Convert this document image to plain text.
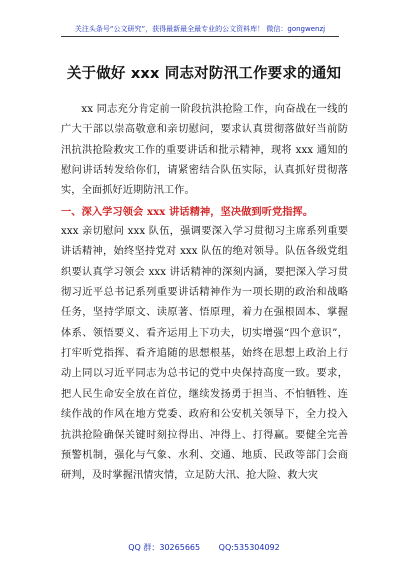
关注头条号“公文研究”，获得最新最全最专业的公文资料库！ 微信：gongwenzj
关于做好 xxx 同志对防汛工作要求的通知

xx 同志充分肯定前一阶段抗洪抢险工作，向奋战在一线的广大干部以崇高敬意和亲切慰问，要求认真贯彻落做好当前防汛抗洪抢险救灾工作的重要讲话和批示精神，现将 xxx 通知的慰问讲话转发给你们，请紧密结合队伍实际，认真抓好贯彻落实，全面抓好近期防汛工作。

一、深入学习领会 xxx 讲话精神，坚决做到听党指挥。

xxx 亲切慰问 xxx 队伍，强调要深入学习贯彻习主席系列重要讲话精神，始终坚持党对 xxx 队伍的绝对领导。队伍各级党组织要认真学习领会 xxx 讲话精神的深刻内涵，要把深入学习贯彻习近平总书记系列重要讲话精神作为一项长期的政治和战略任务，坚持学原文、读原著、悟原理，着力在强根固本、掌握体系、领悟要义、看齐运用上下功夫，切实增强“四个意识”，打牢听党指挥、看齐追随的思想根基，始终在思想上政治上行动上同以习近平同志为总书记的党中央保持高度一致。要求，把人民生命安全放在首位，继续发扬勇于担当、不怕牺牲、连续作战的作风在地方党委、政府和公安机关领导下，全力投入抗洪抢险确保关键时刻拉得出、冲得上、打得赢。要健全完善预警机制，强化与气象、水利、交通、地质、民政等部门会商研判，及时掌握汛情灾情，立足防大汛、抢大险、救大灾

QQ 群：30265665 QQ:535304092
